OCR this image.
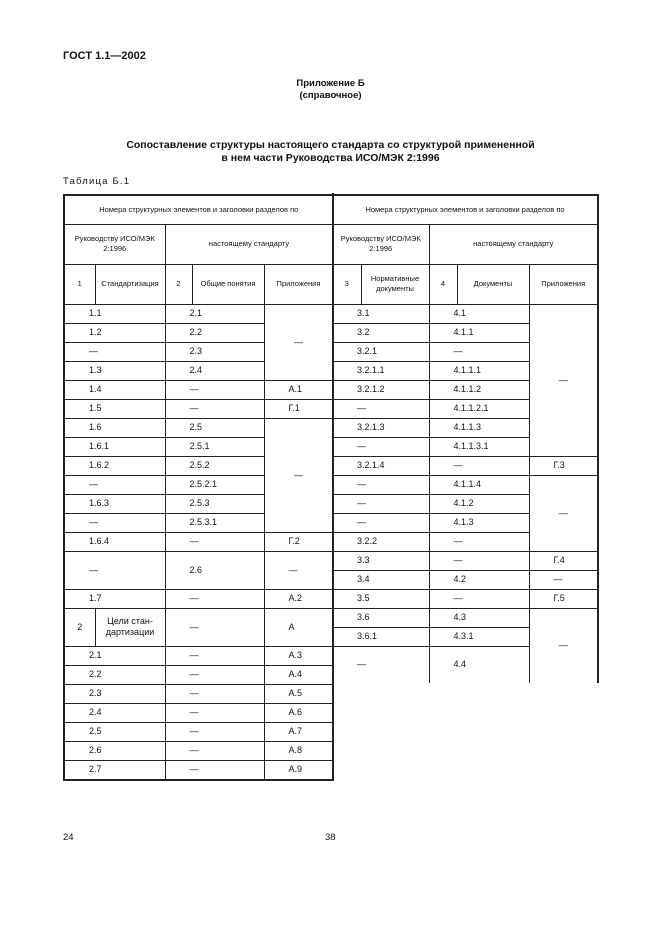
ГОСТ 1.1—2002
Приложение Б
(справочное)
Сопоставление структуры настоящего стандарта со структурой примененной
в нем части Руководства ИСО/МЭК 2:1996
Таблица Б.1
Номера структурных элементов и заголовки разделов по				
Руководству ИСО/МЭК 2:1996		настоящему стандарту		
1	Стандартизация	2	Общие понятия	Приложения
1.1		2.1		—
1.2		2.2		
—		2.3		
1.3		2.4		
1.4		—		А.1
1.5		—		Г.1
1.6		2.5		—
1.6.1		2.5.1		
1.6.2		2.5.2		
—		2.5.2.1		
1.6.3		2.5.3		
—		2.5.3.1		
1.6.4		—		Г.2
—		2.6		—
1.7		—		А.2
2	Цели стандартизации	—		А
2.1		—		А.3
2.2		—		А.4
2.3		—		А.5
2.4		—		А.6
2.5		—		А.7
2.6		—		А.8
2.7		—		А.9
Номера структурных элементов и заголовки разделов по				
Руководству ИСО/МЭК 2:1996		настоящему стандарту		
3	Нормативные документы	4	Документы	Приложения
3.1		4.1		—
3.2		4.1.1		
3.2.1		—		
3.2.1.1		4.1.1.1		
3.2.1.2		4.1.1.2		
—		4.1.1.2.1		
3.2.1.3		4.1.1.3		
—		4.1.1.3.1		
3.2.1.4		—		Г.3
—		4.1.1.4		—
—		4.1.2		
—		4.1.3		
3.2.2		—		
3.3		—		Г.4
3.4		4.2		—
3.5		—		Г.5
3.6		4.3		—
3.6.1		4.3.1		
—		4.4		
24	38
